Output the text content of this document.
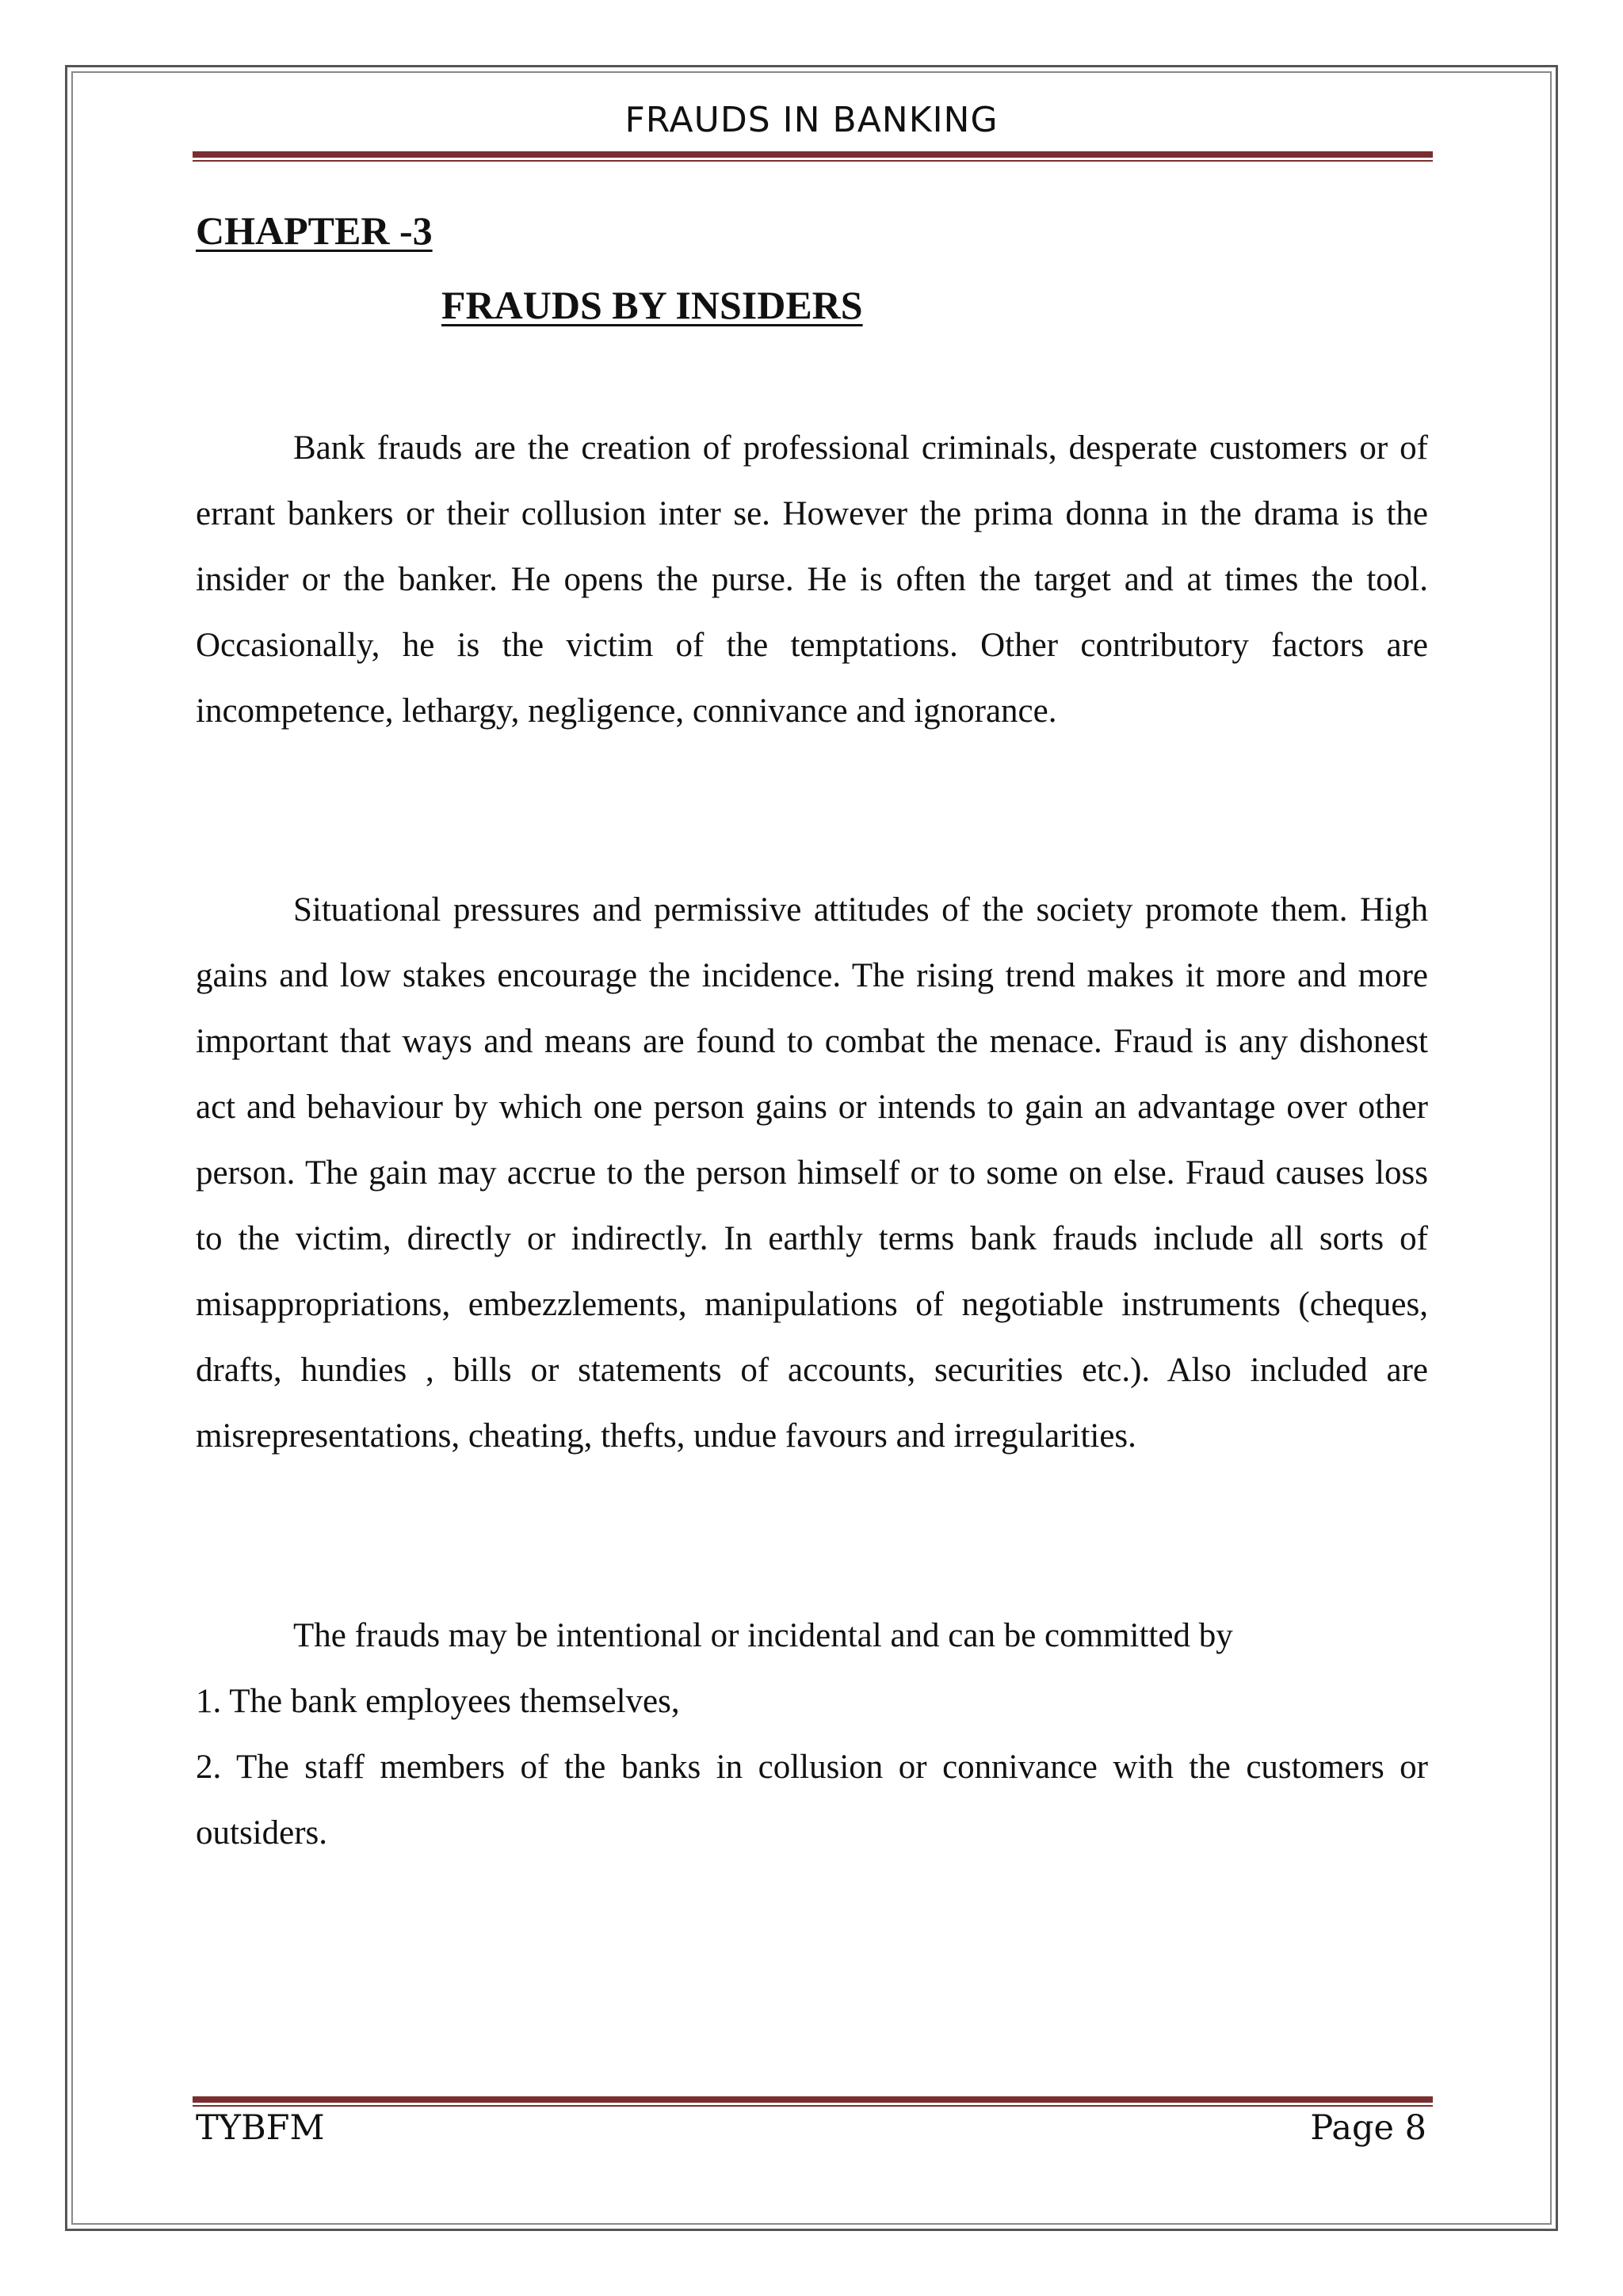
FRAUDS IN BANKING
CHAPTER -3
FRAUDS BY INSIDERS

Bank frauds are the creation of professional criminals, desperate customers or of errant bankers or their collusion inter se. However the prima donna in the drama is the insider or the banker. He opens the purse. He is often the target and at times the tool. Occasionally, he is the victim of the temptations. Other contributory factors are incompetence, lethargy, negligence, connivance and ignorance.

Situational pressures and permissive attitudes of the society promote them. High gains and low stakes encourage the incidence. The rising trend makes it more and more important that ways and means are found to combat the menace. Fraud is any dishonest act and behaviour by which one person gains or intends to gain an advantage over other person. The gain may accrue to the person himself or to some on else. Fraud causes loss to the victim, directly or indirectly. In earthly terms bank frauds include all sorts of misappropriations, embezzlements, manipulations of negotiable instruments (cheques, drafts, hundies , bills or statements of accounts, securities etc.). Also included are misrepresentations, cheating, thefts, undue favours and irregularities.

The frauds may be intentional or incidental and can be committed by

1. The bank employees themselves,

2. The staff members of the banks in collusion or connivance with the customers or outsiders.

TYBFM	Page 8
